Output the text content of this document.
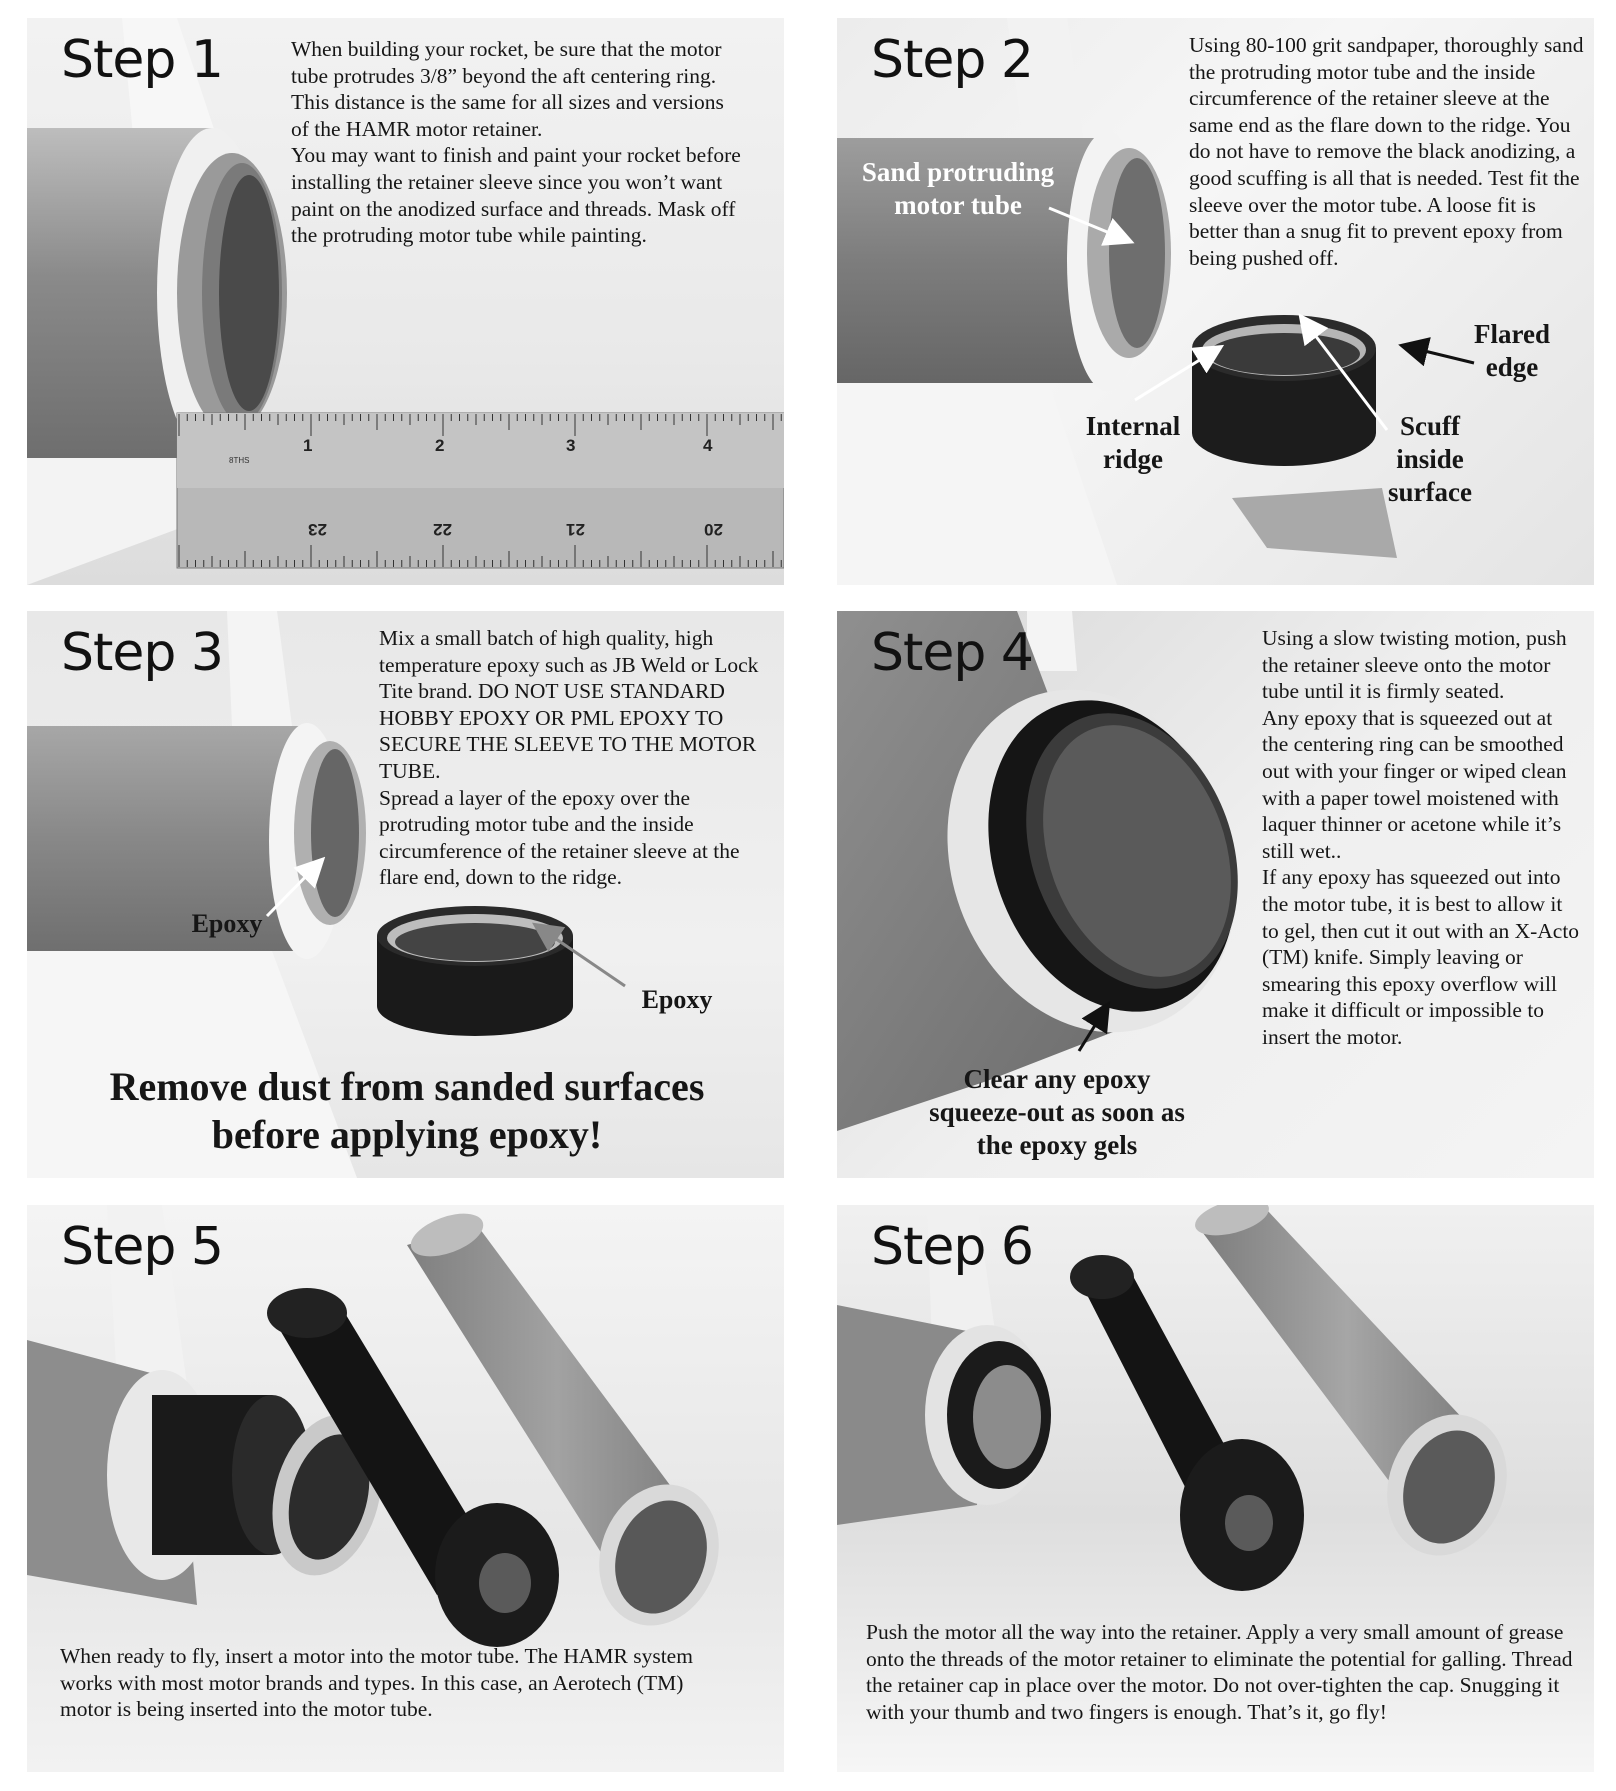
1	2	3	4
8THS
23	22	21	20
Step 1	When building your rocket, be sure that the motor tube protrudes 3/8” beyond the aft centering ring. This distance is the same for all sizes and versions of the HAMR motor retainer.
You may want to finish and paint your rocket before installing the retainer sleeve since you won’t want paint on the anodized surface and threads. Mask off the protruding motor tube while painting.
Step 2	Using 80-100 grit sandpaper, thoroughly sand the protruding motor tube and the inside circumference of the retainer sleeve at the same end as the flare down to the ridge. You do not have to remove the black anodizing, a good scuffing is all that is needed. Test fit the sleeve over the motor tube. A loose fit is better than a snug fit to prevent epoxy from being pushed off.
Sand protruding motor tube
Flared edge
Internal ridge
Scuff inside surface
Step 3	Mix a small batch of high quality, high temperature epoxy such as JB Weld or Lock Tite brand. DO NOT USE STANDARD HOBBY EPOXY OR PML EPOXY TO SECURE THE SLEEVE TO THE MOTOR TUBE.
Spread a layer of the epoxy over the protruding motor tube and the inside circumference of the retainer sleeve at the flare end, down to the ridge.
Epoxy
Epoxy
Remove dust from sanded surfaces before applying epoxy!
Step 4	Using a slow twisting motion, push the retainer sleeve onto the motor tube until it is firmly seated.
Any epoxy that is squeezed out at the centering ring can be smoothed out with your finger or wiped clean with a paper towel moistened with laquer thinner or acetone while it’s still wet..
If any epoxy has squeezed out into the motor tube, it is best to allow it to gel, then cut it out with an X-Acto (TM) knife. Simply leaving or smearing this epoxy overflow will make it difficult or impossible to insert the motor.
Clear any epoxy squeeze-out as soon as the epoxy gels
Step 5
When ready to fly, insert a motor into the motor tube. The HAMR system works with most motor brands and types. In this case, an Aerotech (TM) motor is being inserted into the motor tube.
Step 6
Push the motor all the way into the retainer. Apply a very small amount of grease onto the threads of the motor retainer to eliminate the potential for galling. Thread the retainer cap in place over the motor. Do not over-tighten the cap. Snugging it with your thumb and two fingers is enough. That’s it, go fly!
